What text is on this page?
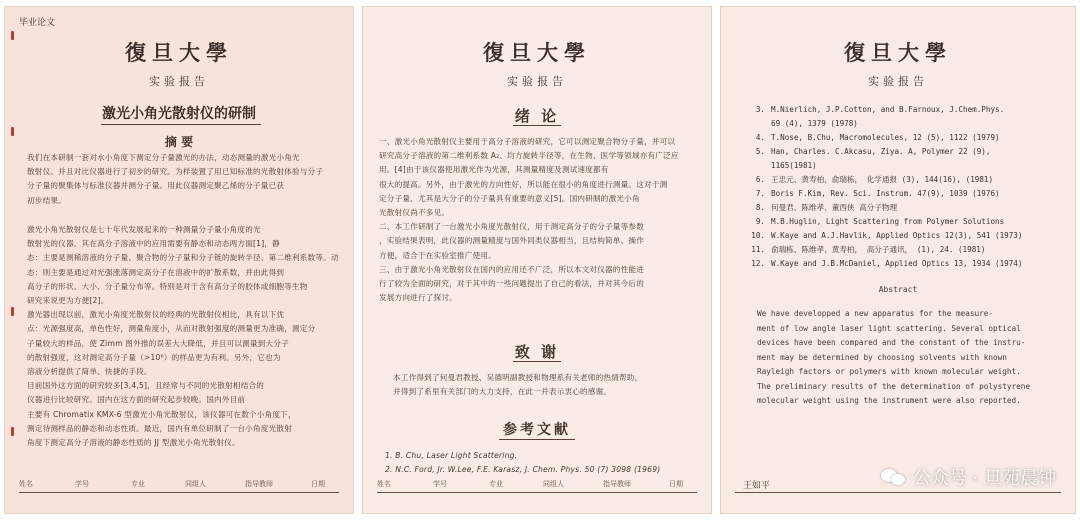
毕业论文
復旦大學
实验报告
激光小角光散射仪的研制
摘 要

我们在本研制一套对水小角度下测定分子量激光的办法，动态测量的激光小角光

散射仪。并且对比仪器进行了初步的研究。为样装置了用已知标准的光散射体验与分子

分子量的聚集体与标准仪器并测分子量。用此仪器测定聚乙烯的分子量已获

初步结果。

激光小角光散射仪是七十年代发展起来的一种测量分子量小角度的光

散射光的仪器。其在高分子溶液中的应用需要有静态和动态两方面[1]，静

态：主要是测稀溶液的分子量、聚合物的分子量和分子链的旋转半径、第二维利系数等。动

态：则主要是通过对光强涨落测定高分子在溶液中的扩散系数，并由此得到

高分子的形状、大小、分子量分布等。特别是对于含有高分子的胶体或细胞等生物

研究来说更为方便[2]。

激光器出现以前，激光小角度光散射仪的经典的光散射仪相比，具有以下优

点：光源强度高，单色性好，测量角度小，从而对散射强度的测量更为准确，测定分

子量较大的样品，使 Zimm 图外推的误差大大降低，并且可以测量到大分子

的散射强度，这对测定高分子量（>10⁶）的样品更为有利。另外，它也为

溶液分析提供了简单、快捷的手段。

目前国外这方面的研究较多[3,4,5]，且经常与不同的光散射相结合的

仪器进行比较研究。国内在这方面的研究起步较晚。国内外目前

主要有 Chromatix KMX-6 型激光小角光散射仪，该仪器可在数个小角度下，

测定待测样品的静态和动态性质。最近，国内有单位研制了一台小角度光散射

角度下测定高分子溶液的静态性质的 JJ 型激光小角光散射仪。

姓名	学号	专业	同组人	指导教师	日期
復旦大學
实验报告
绪 论

一、激光小角光散射仪主要用于高分子溶液的研究，它可以测定聚合物分子量，并可以

研究高分子溶液的第二维利系数 A₂、均方旋转半径等，在生物、医学等领域亦有广泛应

用。[4]由于该仪器使用激光作为光源，其测量精度及测试速度都有

很大的提高。另外，由于激光的方向性好，所以能在很小的角度进行测量。这对于测

定分子量、尤其是大分子的分子量具有重要的意义[5]。国内研制的激光小角

光散射仪尚不多见。

二、本工作研制了一台激光小角度光散射仪，用于测定高分子的分子量等参数

，实验结果表明，此仪器的测量精度与国外同类仪器相当，且结构简单、操作

方便，适合于在实验室推广使用。

三、由于激光小角光散射仪在国内的应用还不广泛，所以本文对仪器的性能进

行了较为全面的研究，对于其中的一些问题提出了自己的看法，并对其今后的

发展方向进行了探讨。

致 谢

本工作得到了何曼君教授、吴德明副教授和物理系有关老师的热情帮助，

并得到了系里有关部门的大力支持，在此一并表示衷心的感谢。

参考文献

1. B. Chu, Laser Light Scattering.

2. N.C. Ford, Jr. W.Lee, F.E. Karasz, J. Chem. Phys. 50 (7) 3098 (1969)

姓名	学号	专业	同组人	指导教师	日期
復旦大學
实验报告
3. M.Nierlich, J.P.Cotton, and B.Farnoux, J.Chem.Phys.
69 (4), 1379 (1978)
4. T.Nose, B.Chu, Macromolecules, 12 (5), 1122 (1979)
5. Han, Charles. C.Akcasu, Ziya. A, Polymer 22 (9),
1165(1981)
6. 王忠元、黄寿柏、俞瑞栋， 化学通报 (3), 144(16), (1981)
7. Boris F.Kim, Rev. Sci. Instrum. 47(9), 1039 (1976)
8. 何曼君、陈维孝、董西侠 高分子物理
9. M.B.Huglin, Light Scattering from Polymer Solutions
10. W.Kaye and A.J.Havlik, Applied Optics 12(3), 541 (1973)
11. 俞瑞栋、陈维孝、黄寿柏， 高分子通讯， (1), 24. (1981)
12. W.Kaye and J.B.McDaniel, Applied Optics 13, 1934 (1974)
Abstract
We have developped a new apparatus for the measure-
ment of low angle laser light scattering. Several optical
devices have been compared and the constant of the instru-
ment may be determined by choosing solvents with known
Rayleigh factors or polymers with known molecular weight.
The preliminary results of the determination of polystyrene
molecular weight using the instrument were also reported.
王如平	公众号 · 旦苑晨钟
